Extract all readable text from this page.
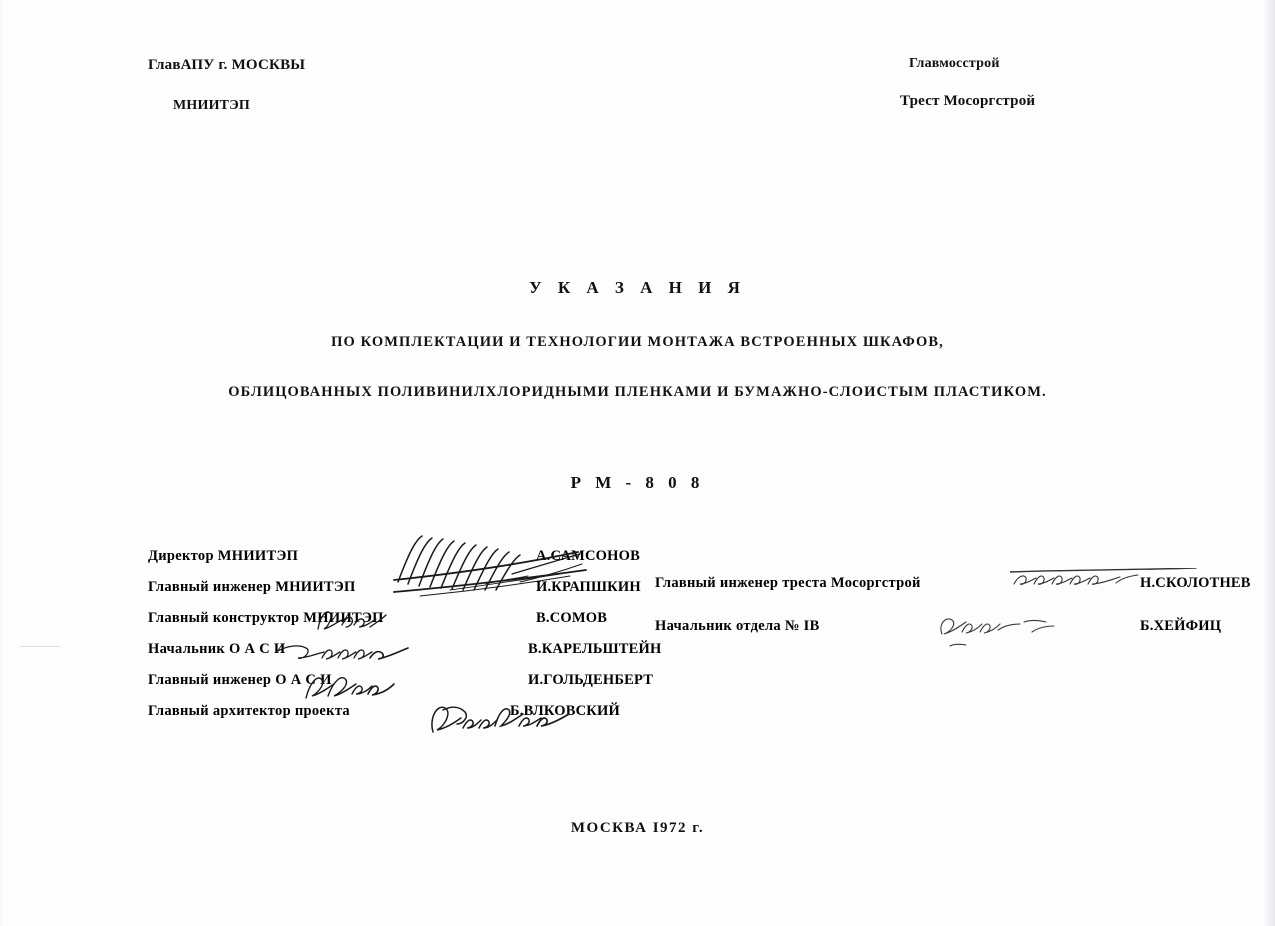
ГлавАПУ г. МОСКВЫ
МНИИТЭП
Главмосстрой
Трест Мосоргстрой
У К А З А Н И Я
ПО КОМПЛЕКТАЦИИ И ТЕХНОЛОГИИ МОНТАЖА ВСТРОЕННЫХ ШКАФОВ,
ОБЛИЦОВАННЫХ ПОЛИВИНИЛХЛОРИДНЫМИ ПЛЕНКАМИ И БУМАЖНО-СЛОИСТЫМ ПЛАСТИКОМ.
Р М - 8 0 8
Директор МНИИТЭП	А.САМСОНОВ
Главный инженер МНИИТЭП	И.КРАПШКИН
Главный конструктор МНИИТЭП	В.СОМОВ
Начальник О А С И	В.КАРЕЛЬШТЕЙН
Главный инженер О А С И	И.ГОЛЬДЕНБЕРТ
Главный архитектор проекта	Б.ВЛКОВСКИЙ
Главный инженер треста Мосоргстрой	Н.СКОЛОТНЕВ
Начальник отдела № IВ	Б.ХЕЙФИЦ
МОСКВА I972 г.
